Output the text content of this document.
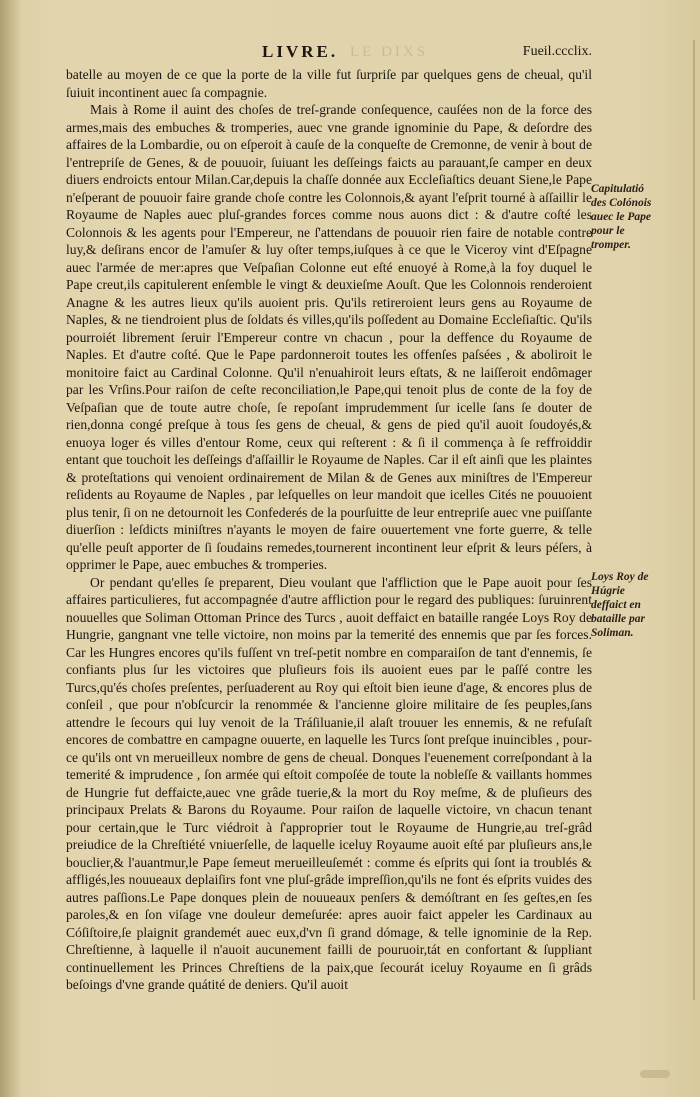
LE DIXS
LIVRE.	Fueil.ccclix.

batelle au moyen de ce que la porte de la ville fut ſurpriſe par quelques gens de cheual, qu'il ſuiuit incontinent auec ſa compagnie.

Mais à Rome il auint des choſes de treſ-grande conſequence, cauſées non de la force des armes,mais des embuches & tromperies, auec vne grande ignominie du Pape, & deſordre des affaires de la Lombardie, ou on eſperoit à cauſe de la conqueſte de Cremonne, de venir à bout de l'entrepriſe de Genes, & de pouuoir, ſuiuant les deſſeings faicts au parauant,ſe camper en deux diuers endroicts entour Milan.Car,depuis la chaſſe donnée aux Eccleſiaſtics deuant Siene,le Pape n'eſperant de pouuoir faire grande choſe contre les Colonnois,& ayant l'eſprit tourné à aſſaillir le Royaume de Naples auec pluſ-grandes forces comme nous auons dict : & d'autre coſté les Colonnois & les agents pour l'Empereur, ne ſ'attendans de pouuoir rien faire de notable contre luy,& deſirans encor de l'amuſer & luy oſter temps,iuſques à ce que le Viceroy vint d'Eſpagne auec l'armée de mer:apres que Veſpaſian Colonne eut eſté enuoyé à Rome,à la foy duquel le Pape creut,ils capitulerent enſemble le vingt & deuxieſme Aouſt. Que les Colonnois renderoient Anagne & les autres lieux qu'ils auoient pris. Qu'ils retireroient leurs gens au Royaume de Naples, & ne tiendroient plus de ſoldats és villes,qu'ils poſſedent au Domaine Eccleſiaſtic. Qu'ils pourroiét librement ſeruir l'Empereur contre vn chacun , pour la deffence du Royaume de Naples. Et d'autre coſté. Que le Pape pardonneroit toutes les offenſes paſsées , & aboliroit le monitoire faict au Cardinal Colonne. Qu'il n'enuahiroit leurs eſtats, & ne laiſſeroit endômager par les Vrſins.Pour raiſon de ceſte reconciliation,le Pape,qui tenoit plus de conte de la foy de Veſpaſian que de toute autre choſe, ſe repoſant imprudemment ſur icelle ſans ſe douter de rien,donna congé preſque à tous ſes gens de cheual, & gens de pied qu'il auoit ſoudoyés,& enuoya loger és villes d'entour Rome, ceux qui reſterent : & ſi il commença à ſe reffroiddir entant que touchoit les deſſeings d'aſſaillir le Royaume de Naples. Car il eſt ainſi que les plaintes & proteſtations qui venoient ordinairement de Milan & de Genes aux miniſtres de l'Empereur reſidents au Royaume de Naples , par leſquelles on leur mandoit que icelles Cités ne pouuoient plus tenir, ſi on ne detournoit les Confederés de la pourſuitte de leur entrepriſe auec vne puiſſante diuerſion : leſdicts miniſtres n'ayants le moyen de faire ouuertement vne forte guerre, & telle qu'elle peuſt apporter de ſi ſoudains remedes,tournerent incontinent leur eſprit & leurs péſers, à opprimer le Pape, auec embuches & tromperies.

Or pendant qu'elles ſe preparent, Dieu voulant que l'affliction que le Pape auoit pour ſes affaires particulieres, fut accompagnée d'autre affliction pour le regard des publiques: ſuruinrent nouuelles que Soliman Ottoman Prince des Turcs , auoit deffaict en bataille rangée Loys Roy de Hungrie, gangnant vne telle victoire, non moins par la temerité des ennemis que par ſes forces. Car les Hungres encores qu'ils fuſſent vn treſ-petit nombre en comparaiſon de tant d'ennemis, ſe confiants plus ſur les victoires que pluſieurs fois ils auoient eues par le paſſé contre les Turcs,qu'és choſes preſentes, perſuaderent au Roy qui eſtoit bien ieune d'age, & encores plus de conſeil , que pour n'obſcurcir la renommée & l'ancienne gloire militaire de ſes peuples,ſans attendre le ſecours qui luy venoit de la Tráſiluanie,il alaſt trouuer les ennemis, & ne refuſaſt encores de combattre en campagne ouuerte, en laquelle les Turcs ſont preſque inuincibles , pour-ce qu'ils ont vn merueilleux nombre de gens de cheual. Donques l'euenement correſpondant à la temerité & imprudence , ſon armée qui eſtoit compoſée de toute la nobleſſe & vaillants hommes de Hungrie fut deffaicte,auec vne grâde tuerie,& la mort du Roy meſme, & de pluſieurs des principaux Prelats & Barons du Royaume. Pour raiſon de laquelle victoire, vn chacun tenant pour certain,que le Turc viédroit à ſ'approprier tout le Royaume de Hungrie,au treſ-grâd preiudice de la Chreſtiété vniuerſelle, de laquelle iceluy Royaume auoit eſté par pluſieurs ans,le bouclier,& l'auantmur,le Pape ſemeut merueilleuſemét : comme és eſprits qui ſont ia troublés & affligés,les nouueaux deplaiſirs font vne pluſ-grâde impreſſion,qu'ils ne font és eſprits vuides des autres paſſions.Le Pape donques plein de nouueaux penſers & demóſtrant en ſes geſtes,en ſes paroles,& en ſon viſage vne douleur demeſurée: apres auoir faict appeler les Cardinaux au Cóſiſtoire,ſe plaignit grandemét auec eux,d'vn ſi grand dómage, & telle ignominie de la Rep. Chreſtienne, à laquelle il n'auoit aucunement failli de pouruoir,tát en confortant & ſuppliant continuellement les Princes Chreſtiens de la paix,que ſecourát iceluy Royaume en ſi grâds beſoings d'vne grande quátité de deniers. Qu'il auoit

Capitulatió des Colónois auec le Pape pour le tromper.
Loys Roy de Húgrie deffaict en bataille par Soliman.
